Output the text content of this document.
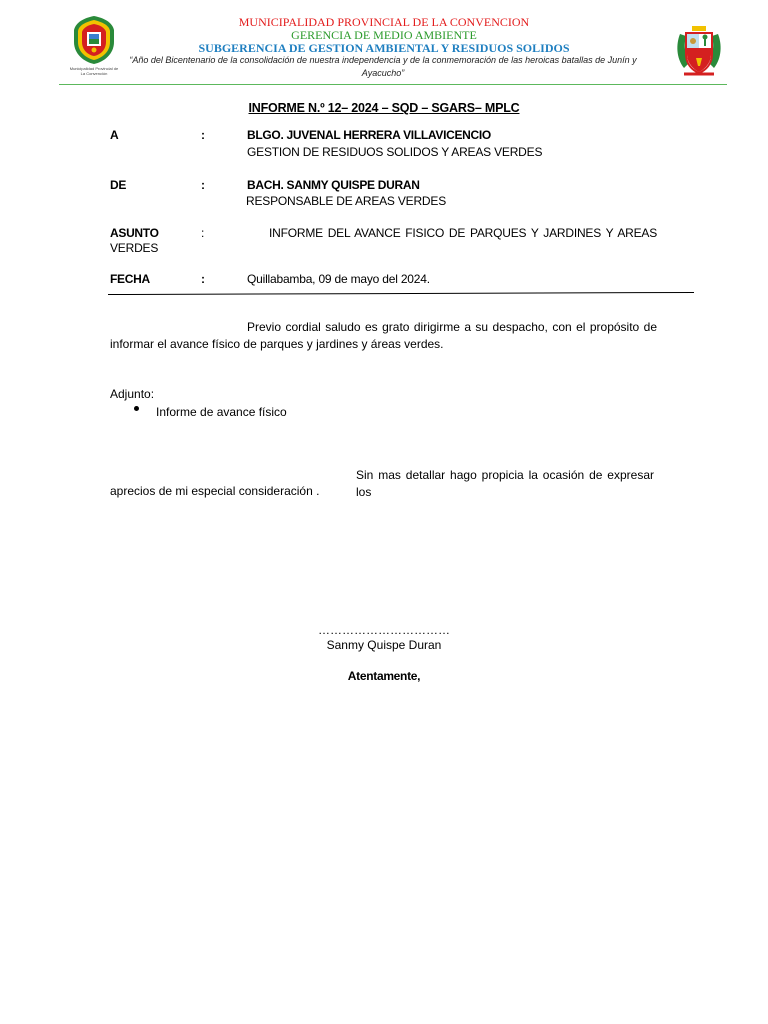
Municipalidad Provincial de
La Convención
MUNICIPALIDAD PROVINCIAL DE LA CONVENCION
GERENCIA DE MEDIO AMBIENTE
SUBGERENCIA DE GESTION AMBIENTAL Y RESIDUOS SOLIDOS
“Año del Bicentenario de la consolidación de nuestra independencia y de la conmemoración de las heroicas batallas de Junín y
Ayacucho”
INFORME N.º 12– 2024 – SQD – SGARS– MPLC
A	:	BLGO. JUVENAL HERRERA VILLAVICENCIO
GESTION DE RESIDUOS SOLIDOS Y AREAS VERDES
DE	:	BACH. SANMY QUISPE DURAN
RESPONSABLE DE AREAS VERDES
ASUNTO	:	INFORME DEL AVANCE FISICO DE PARQUES Y JARDINES Y AREAS
VERDES
FECHA	:	Quillabamba, 09 de mayo del 2024.
Previo cordial saludo es grato dirigirme a su despacho, con el propósito de
informar el avance físico de parques y jardines y áreas verdes.
Adjunto:
Informe de avance físico
Sin mas detallar hago propicia la ocasión de expresar los
aprecios de mi especial consideración .
……………………………
Sanmy Quispe Duran
Atentamente,
